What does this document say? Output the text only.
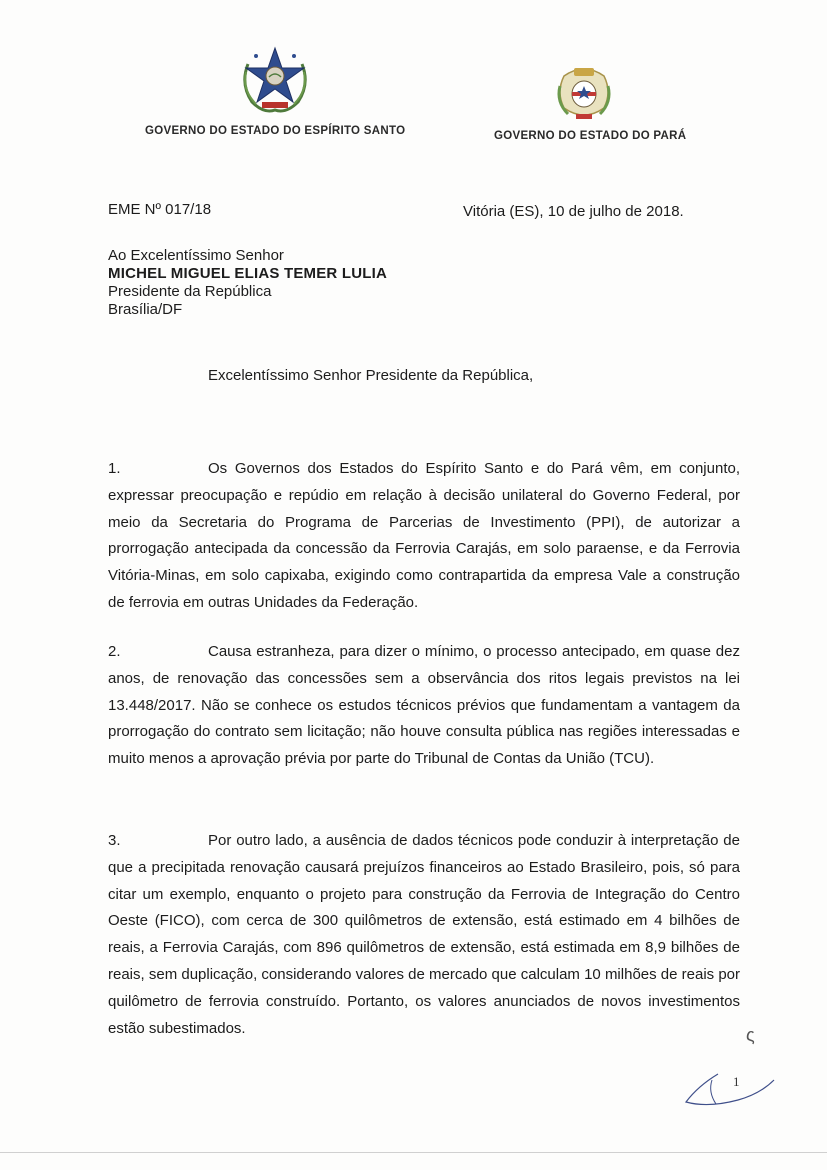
GOVERNO DO ESTADO DO ESPÍRITO SANTO	GOVERNO DO ESTADO DO PARÁ
EME Nº 017/18	Vitória (ES), 10 de julho de 2018.
Ao Excelentíssimo Senhor
MICHEL MIGUEL ELIAS TEMER LULIA
Presidente da República
Brasília/DF
Excelentíssimo Senhor Presidente da República,
1.	Os Governos dos Estados do Espírito Santo e do Pará vêm, em conjunto, expressar preocupação e repúdio em relação à decisão unilateral do Governo Federal, por meio da Secretaria do Programa de Parcerias de Investimento (PPI), de autorizar a prorrogação antecipada da concessão da Ferrovia Carajás, em solo paraense, e da Ferrovia Vitória-Minas, em solo capixaba, exigindo como contrapartida da empresa Vale a construção de ferrovia em outras Unidades da Federação.
2.	Causa estranheza, para dizer o mínimo, o processo antecipado, em quase dez anos, de renovação das concessões sem a observância dos ritos legais previstos na lei 13.448/2017. Não se conhece os estudos técnicos prévios que fundamentam a vantagem da prorrogação do contrato sem licitação; não houve consulta pública nas regiões interessadas e muito menos a aprovação prévia por parte do Tribunal de Contas da União (TCU).
3.	Por outro lado, a ausência de dados técnicos pode conduzir à interpretação de que a precipitada renovação causará prejuízos financeiros ao Estado Brasileiro, pois, só para citar um exemplo, enquanto o projeto para construção da Ferrovia de Integração do Centro Oeste (FICO), com cerca de 300 quilômetros de extensão, está estimado em 4 bilhões de reais, a Ferrovia Carajás, com 896 quilômetros de extensão, está estimada em 8,9 bilhões de reais, sem duplicação, considerando valores de mercado que calculam 10 milhões de reais por quilômetro de ferrovia construído. Portanto, os valores anunciados de novos investimentos estão subestimados.	ς
1
